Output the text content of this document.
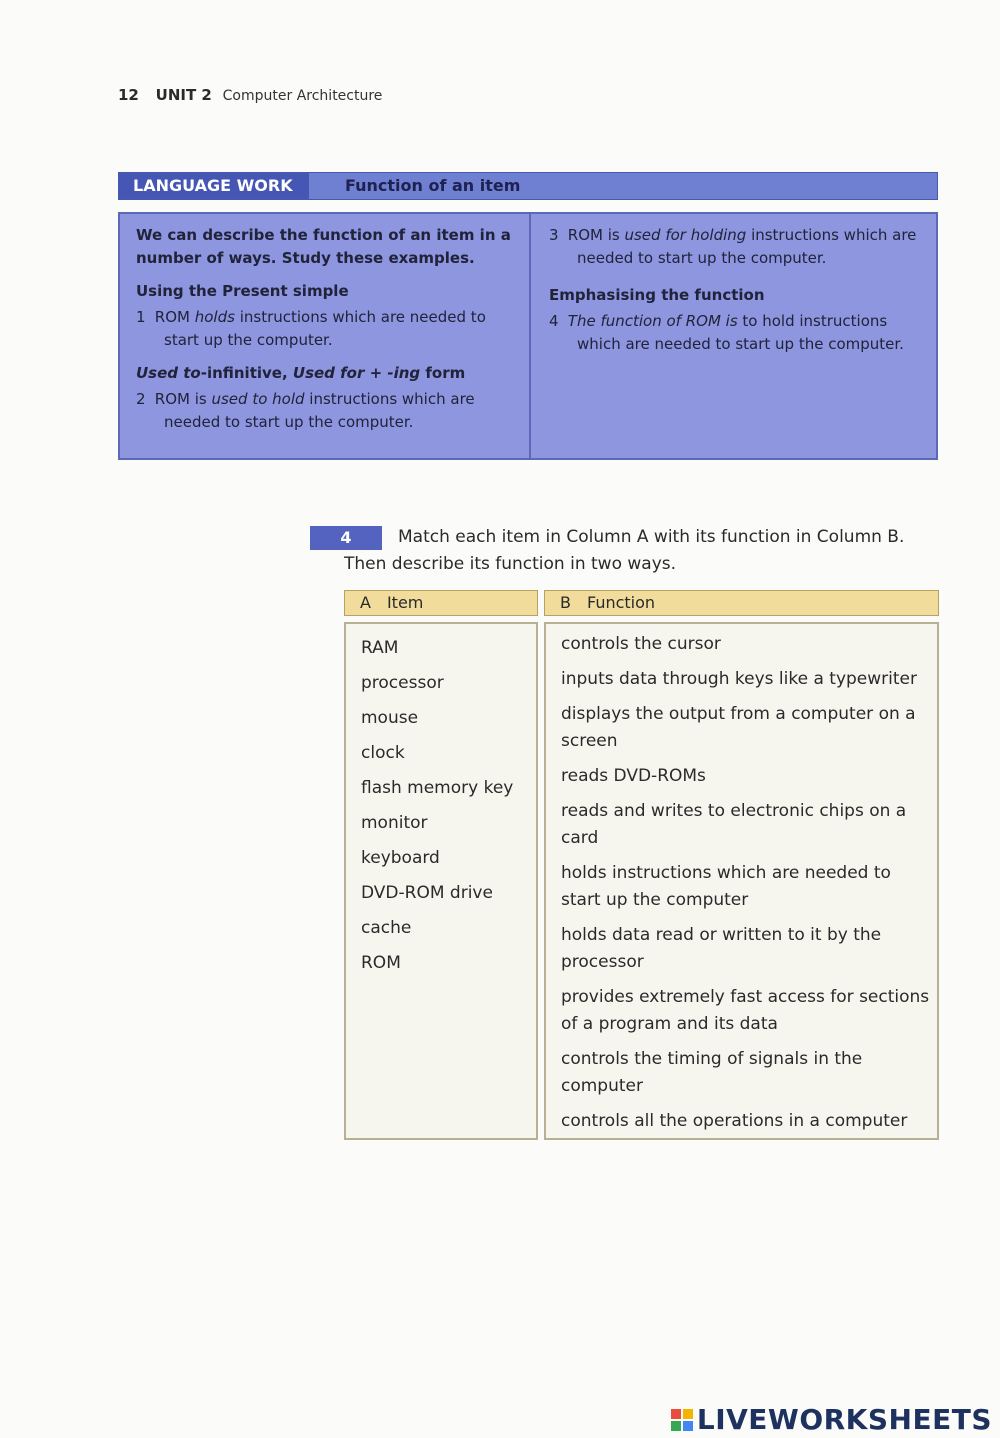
12 UNIT 2 Computer Architecture
LANGUAGE WORK	Function of an item

We can describe the function of an item in a number of ways. Study these examples.

Using the Present simple

1 ROM holds instructions which are needed to start up the computer.

Used to-infinitive, Used for + -ing form

2 ROM is used to hold instructions which are needed to start up the computer.

3 ROM is used for holding instructions which are needed to start up the computer.

Emphasising the function

4 The function of ROM is to hold instructions which are needed to start up the computer.

4	Match each item in Column A with its function in Column B.
Then describe its function in two ways.
A Item	B Function
RAM
processor
mouse
clock
flash memory key
monitor
keyboard
DVD-ROM drive
cache
ROM
controls the cursor
inputs data through keys like a typewriter
displays the output from a computer on a screen
reads DVD-ROMs
reads and writes to electronic chips on a card
holds instructions which are needed to start up the computer
holds data read or written to it by the processor
provides extremely fast access for sections of a program and its data
controls the timing of signals in the computer
controls all the operations in a computer
LIVEWORKSHEETS
